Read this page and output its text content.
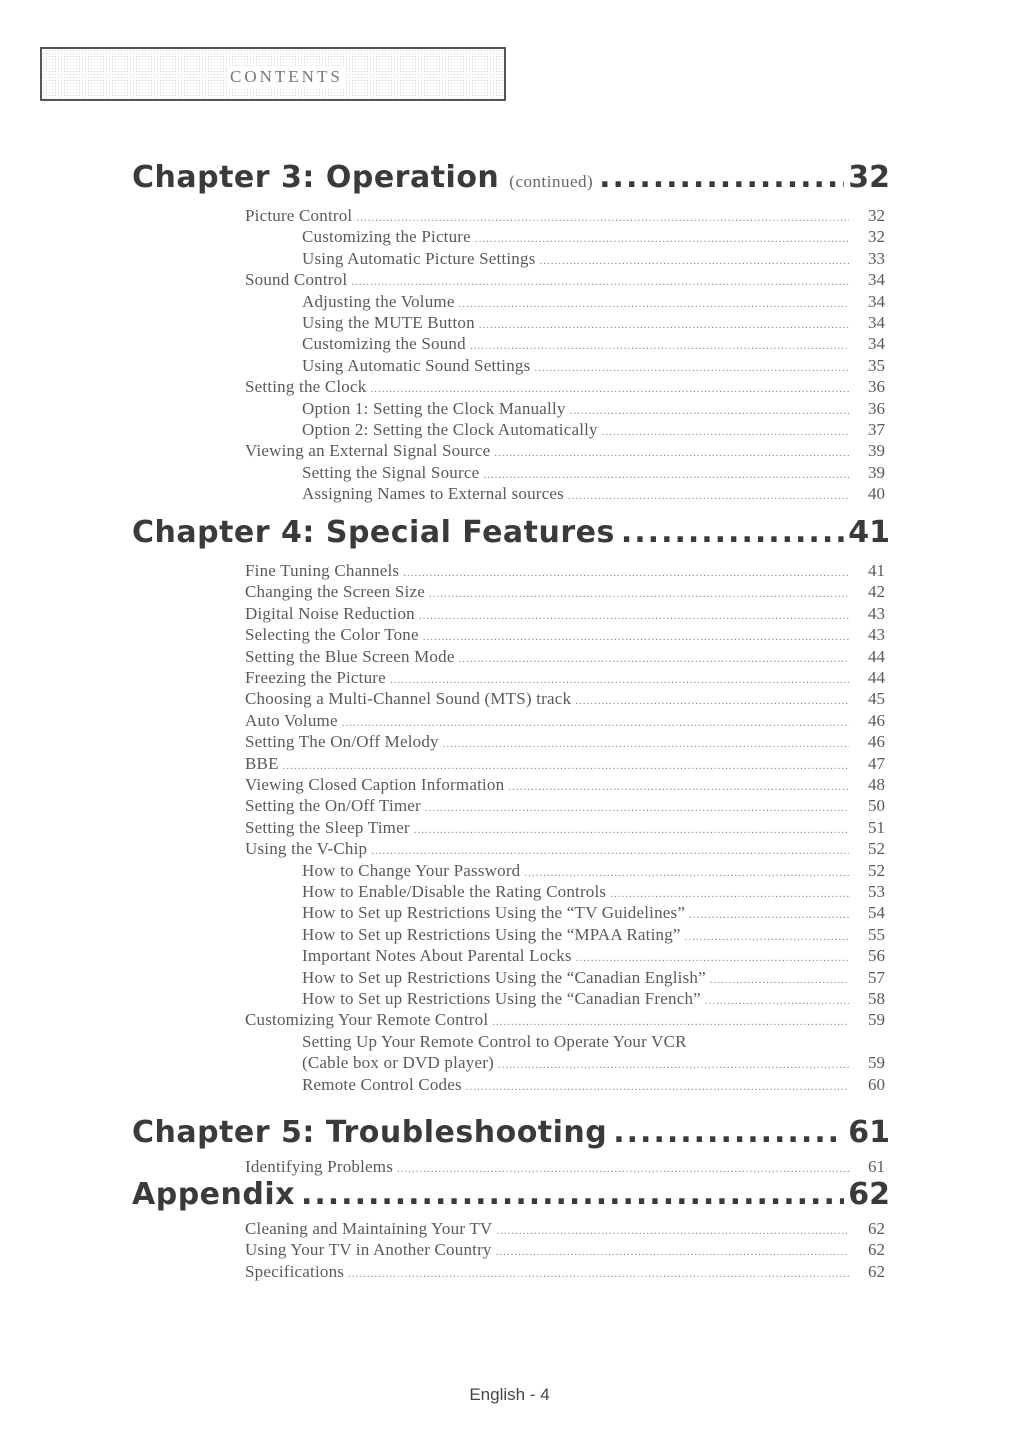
CONTENTS
Chapter 3: Operation (continued) .....	32
Picture Control .....	32
Customizing the Picture .....	32
Using Automatic Picture Settings .....	33
Sound Control .....	34
Adjusting the Volume .....	34
Using the MUTE Button .....	34
Customizing the Sound .....	34
Using Automatic Sound Settings .....	35
Setting the Clock .....	36
Option 1: Setting the Clock Manually .....	36
Option 2: Setting the Clock Automatically .....	37
Viewing an External Signal Source .....	39
Setting the Signal Source .....	39
Assigning Names to External sources .....	40
Chapter 4: Special Features .....	41
Fine Tuning Channels .....	41
Changing the Screen Size .....	42
Digital Noise Reduction .....	43
Selecting the Color Tone .....	43
Setting the Blue Screen Mode .....	44
Freezing the Picture .....	44
Choosing a Multi-Channel Sound (MTS) track .....	45
Auto Volume .....	46
Setting The On/Off Melody .....	46
BBE .....	47
Viewing Closed Caption Information .....	48
Setting the On/Off Timer .....	50
Setting the Sleep Timer .....	51
Using the V-Chip .....	52
How to Change Your Password .....	52
How to Enable/Disable the Rating Controls .....	53
How to Set up Restrictions Using the “TV Guidelines” .....	54
How to Set up Restrictions Using the “MPAA Rating” .....	55
Important Notes About Parental Locks .....	56
How to Set up Restrictions Using the “Canadian English” .....	57
How to Set up Restrictions Using the “Canadian French” .....	58
Customizing Your Remote Control .....	59
Setting Up Your Remote Control to Operate Your VCR
(Cable box or DVD player) .....	59
Remote Control Codes .....	60
Chapter 5: Troubleshooting .....	61
Identifying Problems .....	61
Appendix .....	62
Cleaning and Maintaining Your TV .....	62
Using Your TV in Another Country .....	62
Specifications .....	62
English - 4
